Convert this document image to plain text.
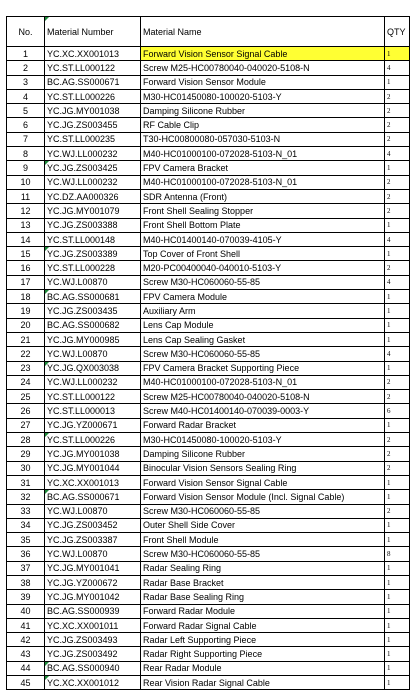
No.	Material Number	Material Name	QTY
1	YC.XC.XX001013	Forward Vision Sensor Signal Cable	1
2	YC.ST.LL000122	Screw M25-HC00780040-040020-5108-N	4
3	BC.AG.SS000671	Forward Vision Sensor Module	1
4	YC.ST.LL000226	M30-HC01450080-100020-5103-Y	2
5	YC.JG.MY001038	Damping Silicone Rubber	2
6	YC.JG.ZS003455	RF Cable Clip	2
7	YC.ST.LL000235	T30-HC00800080-057030-5103-N	2
8	YC.WJ.LL000232	M40-HC01000100-072028-5103-N_01	4
9	YC.JG.ZS003425	FPV Camera Bracket	1
10	YC.WJ.LL000232	M40-HC01000100-072028-5103-N_01	2
11	YC.DZ.AA000326	SDR Antenna (Front)	2
12	YC.JG.MY001079	Front Shell Sealing Stopper	2
13	YC.JG.ZS003388	Front Shell Bottom Plate	1
14	YC.ST.LL000148	M40-HC01400140-070039-4105-Y	4
15	YC.JG.ZS003389	Top Cover of Front Shell	1
16	YC.ST.LL000228	M20-PC00400040-040010-5103-Y	2
17	YC.WJ.L00870	Screw M30-HC060060-55-85	4
18	BC.AG.SS000681	FPV Camera Module	1
19	YC.JG.ZS003435	Auxiliary Arm	1
20	BC.AG.SS000682	Lens Cap Module	1
21	YC.JG.MY000985	Lens Cap Sealing Gasket	1
22	YC.WJ.L00870	Screw M30-HC060060-55-85	4
23	YC.JG.QX003038	FPV Camera Bracket Supporting Piece	1
24	YC.WJ.LL000232	M40-HC01000100-072028-5103-N_01	2
25	YC.ST.LL000122	Screw M25-HC00780040-040020-5108-N	2
26	YC.ST.LL000013	Screw M40-HC01400140-070039-0003-Y	6
27	YC.JG.YZ000671	Forward Radar Bracket	1
28	YC.ST.LL000226	M30-HC01450080-100020-5103-Y	2
29	YC.JG.MY001038	Damping Silicone Rubber	2
30	YC.JG.MY001044	Binocular Vision Sensors Sealing Ring	2
31	YC.XC.XX001013	Forward Vision Sensor Signal Cable	1
32	BC.AG.SS000671	Forward Vision Sensor Module (Incl. Signal Cable)	1
33	YC.WJ.L00870	Screw M30-HC060060-55-85	2
34	YC.JG.ZS003452	Outer Shell Side Cover	1
35	YC.JG.ZS003387	Front Shell Module	1
36	YC.WJ.L00870	Screw M30-HC060060-55-85	8
37	YC.JG.MY001041	Radar Sealing Ring	1
38	YC.JG.YZ000672	Radar Base Bracket	1
39	YC.JG.MY001042	Radar Base Sealing Ring	1
40	BC.AG.SS000939	Forward Radar Module	1
41	YC.XC.XX001011	Forward Radar Signal Cable	1
42	YC.JG.ZS003493	Radar Left Supporting Piece	1
43	YC.JG.ZS003492	Radar Right Supporting Piece	1
44	BC.AG.SS000940	Rear Radar Module	1
45	YC.XC.XX001012	Rear Vision Radar Signal Cable	1
